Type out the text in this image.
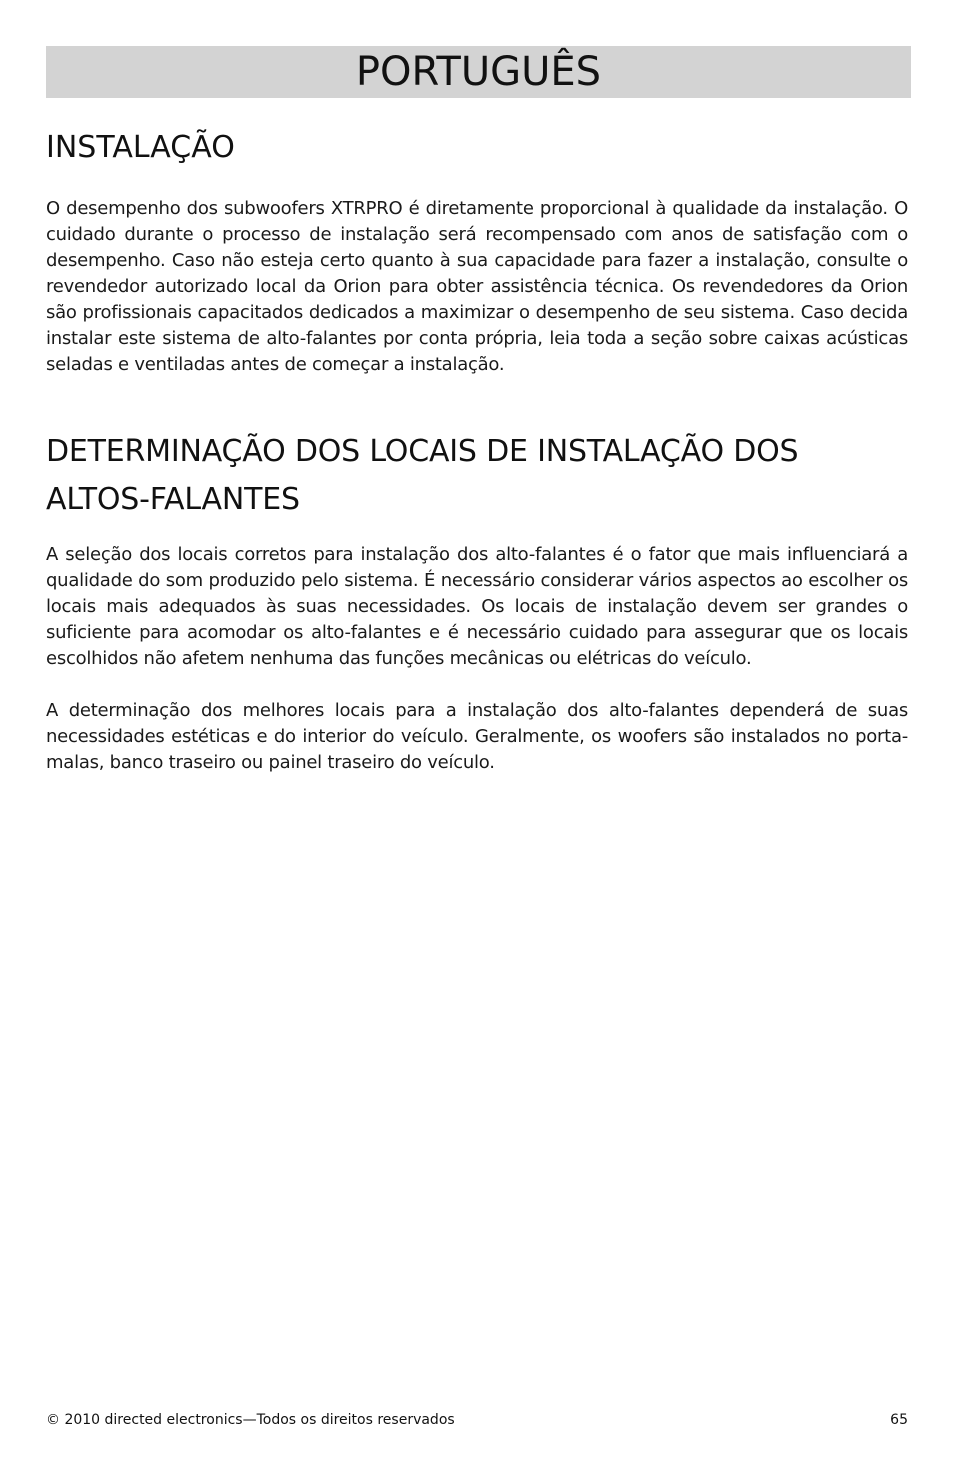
PORTUGUÊS
INSTALAÇÃO

O desempenho dos subwoofers XTRPRO é diretamente proporcional à qualidade da instalação. O cuidado durante o processo de instalação será recompensado com anos de satisfação com o desempenho. Caso não esteja certo quanto à sua capacidade para fazer a instalação, consulte o revendedor autorizado local da Orion para obter assistência técnica. Os revendedores da Orion são profissionais capacitados dedicados a maximizar o desempenho de seu sistema. Caso decida instalar este sistema de alto-falantes por conta própria, leia toda a seção sobre caixas acústicas seladas e ventiladas antes de começar a instalação.

DETERMINAÇÃO DOS LOCAIS DE INSTALAÇÃO DOS ALTOS-FALANTES

A seleção dos locais corretos para instalação dos alto-falantes é o fator que mais influenciará a qualidade do som produzido pelo sistema. É necessário considerar vários aspectos ao escolher os locais mais adequados às suas necessidades. Os locais de instalação devem ser grandes o suficiente para acomodar os alto-falantes e é necessário cuidado para assegurar que os locais escolhidos não afetem nenhuma das funções mecânicas ou elétricas do veículo.

A determinação dos melhores locais para a instalação dos alto-falantes dependerá de suas necessidades estéticas e do interior do veículo. Geralmente, os woofers são instalados no porta-malas, banco traseiro ou painel traseiro do veículo.

© 2010 directed electronics—Todos os direitos reservados	65
